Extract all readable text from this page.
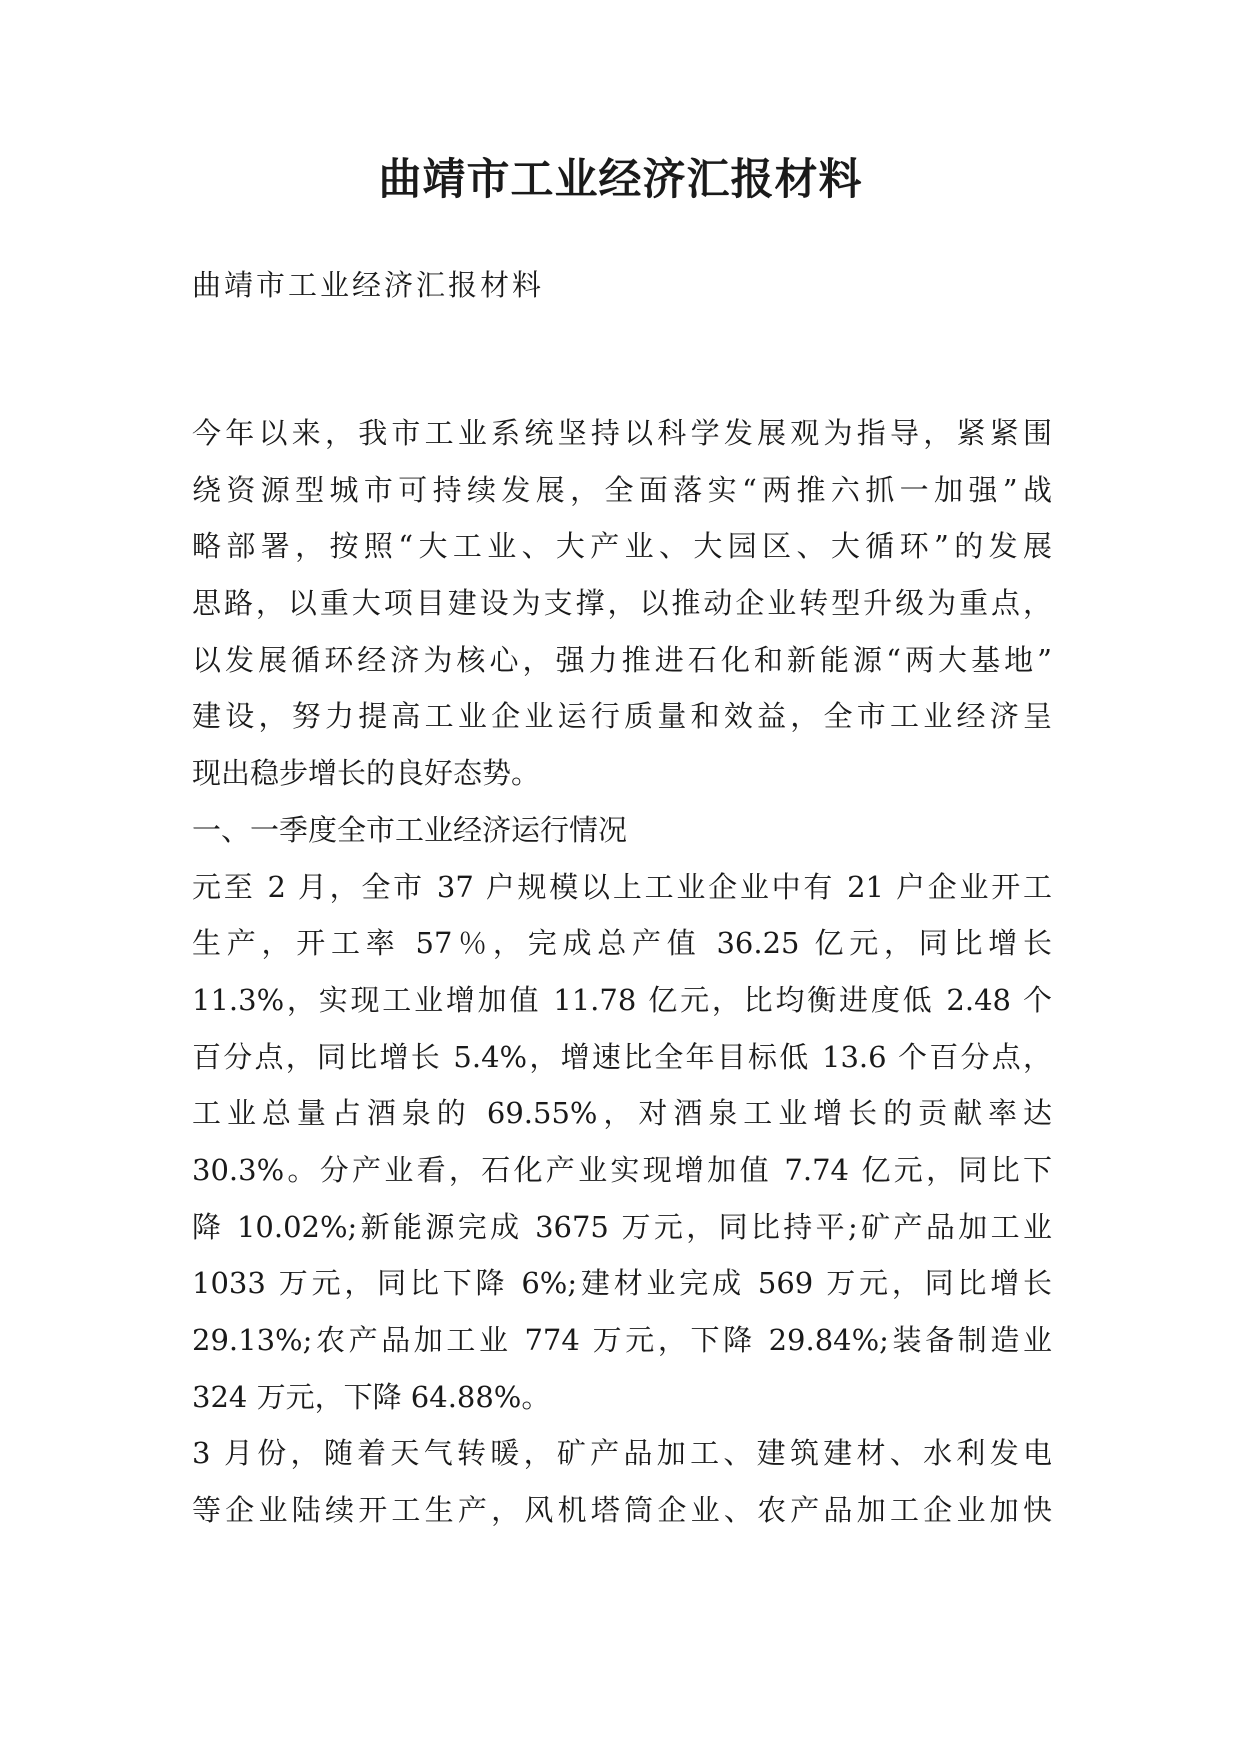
曲靖市工业经济汇报材料

曲靖市工业经济汇报材料

今年以来，我市工业系统坚持以科学发展观为指导，紧紧围
绕资源型城市可持续发展，全面落实“两推六抓一加强”战
略部署，按照“大工业、大产业、大园区、大循环”的发展
思路，以重大项目建设为支撑，以推动企业转型升级为重点，
以发展循环经济为核心，强力推进石化和新能源“两大基地”
建设，努力提高工业企业运行质量和效益，全市工业经济呈
现出稳步增长的良好态势。
一、一季度全市工业经济运行情况
元至 2 月，全市 37 户规模以上工业企业中有 21 户企业开工
生产，开工率 57％，完成总产值 36.25 亿元，同比增长
11.3%，实现工业增加值 11.78 亿元，比均衡进度低 2.48 个
百分点，同比增长 5.4%，增速比全年目标低 13.6 个百分点，
工业总量占酒泉的 69.55%，对酒泉工业增长的贡献率达
30.3%。分产业看，石化产业实现增加值 7.74 亿元，同比下
降 10.02%;新能源完成 3675 万元，同比持平;矿产品加工业
1033 万元，同比下降 6%;建材业完成 569 万元，同比增长
29.13%;农产品加工业 774 万元，下降 29.84%;装备制造业
324 万元，下降 64.88%。
3 月份，随着天气转暖，矿产品加工、建筑建材、水利发电
等企业陆续开工生产，风机塔筒企业、农产品加工企业加快
